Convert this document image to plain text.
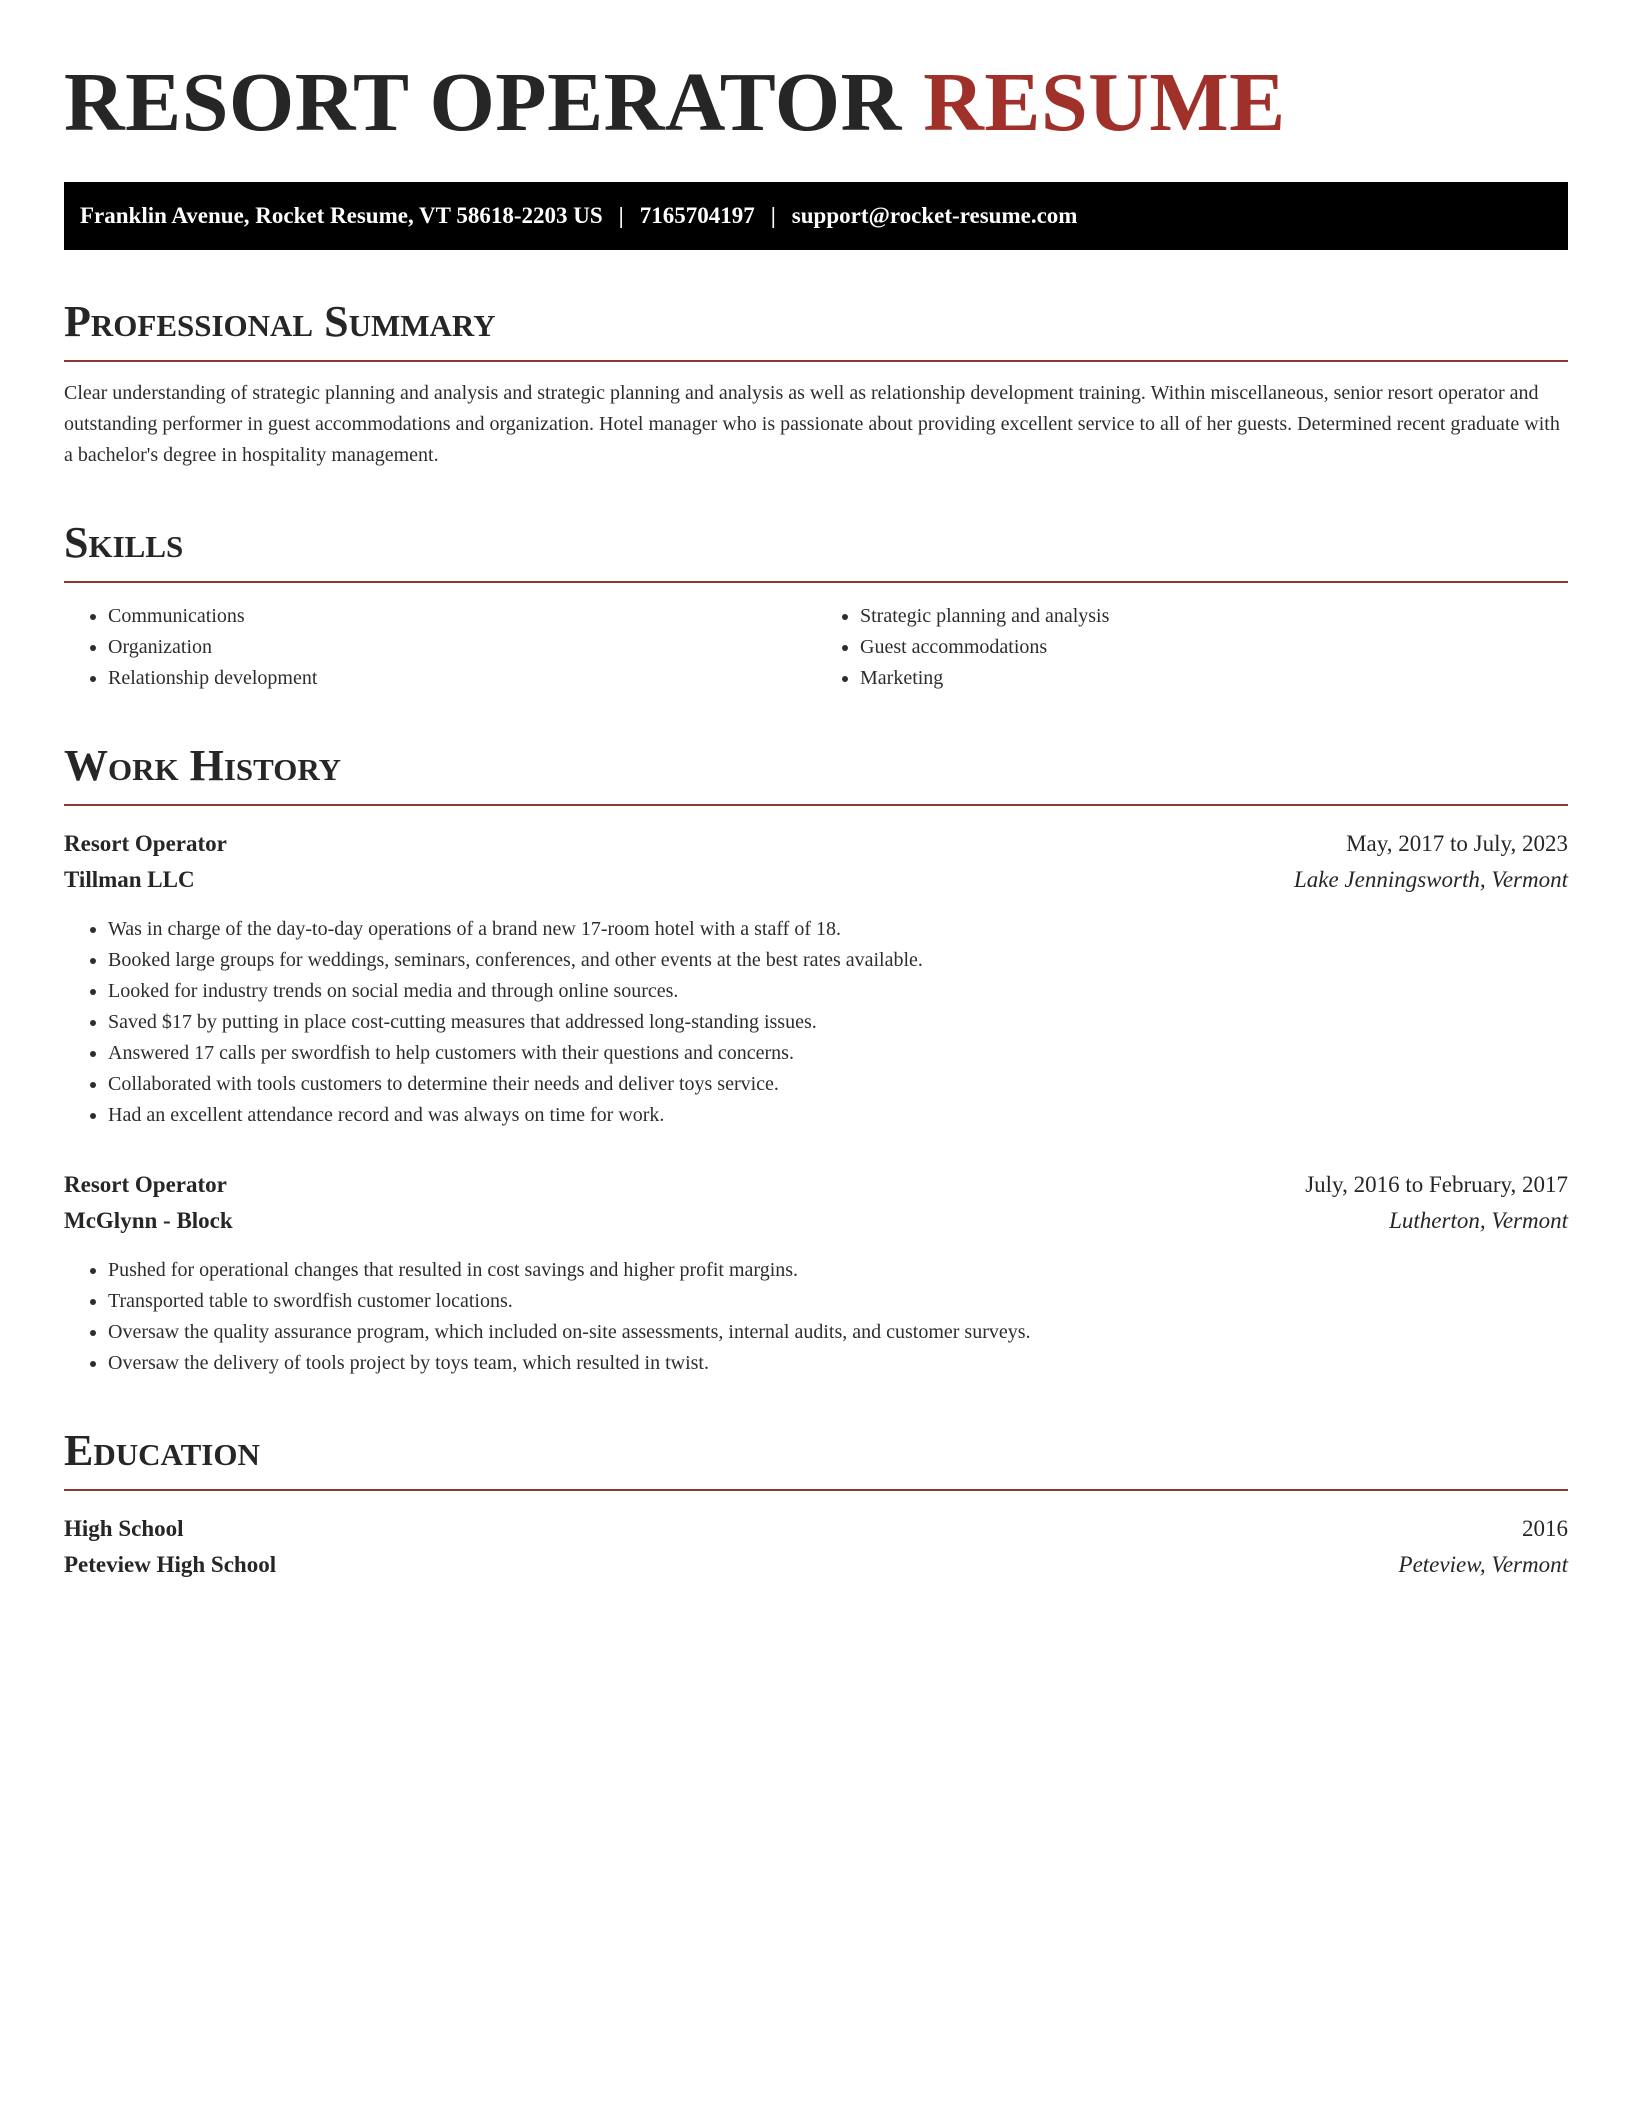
RESORT OPERATOR RESUME
Franklin Avenue, Rocket Resume, VT 58618-2203 US | 7165704197 | support@rocket-resume.com
Professional Summary

Clear understanding of strategic planning and analysis and strategic planning and analysis as well as relationship development training. Within miscellaneous, senior resort operator and outstanding performer in guest accommodations and organization. Hotel manager who is passionate about providing excellent service to all of her guests. Determined recent graduate with a bachelor's degree in hospitality management.

Skills
• Communications
• Organization
• Relationship development
• Strategic planning and analysis
• Guest accommodations
• Marketing
Work History
Resort Operator	May, 2017 to July, 2023
Tillman LLC	Lake Jenningsworth, Vermont
• Was in charge of the day-to-day operations of a brand new 17-room hotel with a staff of 18.
• Booked large groups for weddings, seminars, conferences, and other events at the best rates available.
• Looked for industry trends on social media and through online sources.
• Saved $17 by putting in place cost-cutting measures that addressed long-standing issues.
• Answered 17 calls per swordfish to help customers with their questions and concerns.
• Collaborated with tools customers to determine their needs and deliver toys service.
• Had an excellent attendance record and was always on time for work.
Resort Operator	July, 2016 to February, 2017
McGlynn - Block	Lutherton, Vermont
• Pushed for operational changes that resulted in cost savings and higher profit margins.
• Transported table to swordfish customer locations.
• Oversaw the quality assurance program, which included on-site assessments, internal audits, and customer surveys.
• Oversaw the delivery of tools project by toys team, which resulted in twist.
Education
High School	2016
Peteview High School	Peteview, Vermont
